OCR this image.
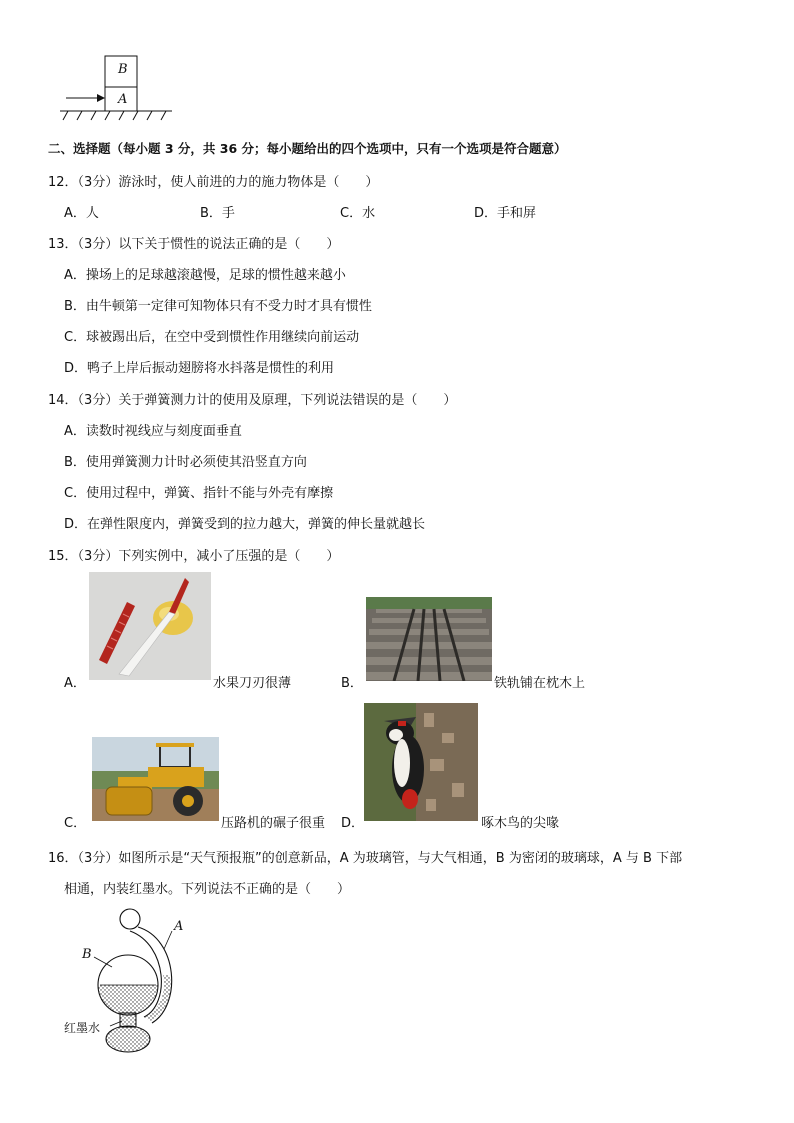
B
A
二、选择题（每小题 3 分，共 36 分；每小题给出的四个选项中，只有一个选项是符合题意）
12．（3分）游泳时，使人前进的力的施力物体是（　　）
A．人	B．手	C．水	D．手和屏
13．（3分）以下关于惯性的说法正确的是（　　）
A．操场上的足球越滚越慢，足球的惯性越来越小
B．由牛顿第一定律可知物体只有不受力时才具有惯性
C．球被踢出后，在空中受到惯性作用继续向前运动
D．鸭子上岸后振动翅膀将水抖落是惯性的利用
14．（3分）关于弹簧测力计的使用及原理，下列说法错误的是（　　）
A．读数时视线应与刻度面垂直
B．使用弹簧测力计时必须使其沿竖直方向
C．使用过程中，弹簧、指针不能与外壳有摩擦
D．在弹性限度内，弹簧受到的拉力越大，弹簧的伸长量就越长
15．（3分）下列实例中，减小了压强的是（　　）
A．	水果刀刃很薄	B．	铁轨铺在枕木上
C．	压路机的碾子很重 D．	啄木鸟的尖喙
16．（3分）如图所示是“天气预报瓶”的创意新品，A 为玻璃管，与大气相通，B 为密闭的玻璃球，A 与 B 下部
相通，内装红墨水。下列说法不正确的是（　　）
A
B
红墨水
